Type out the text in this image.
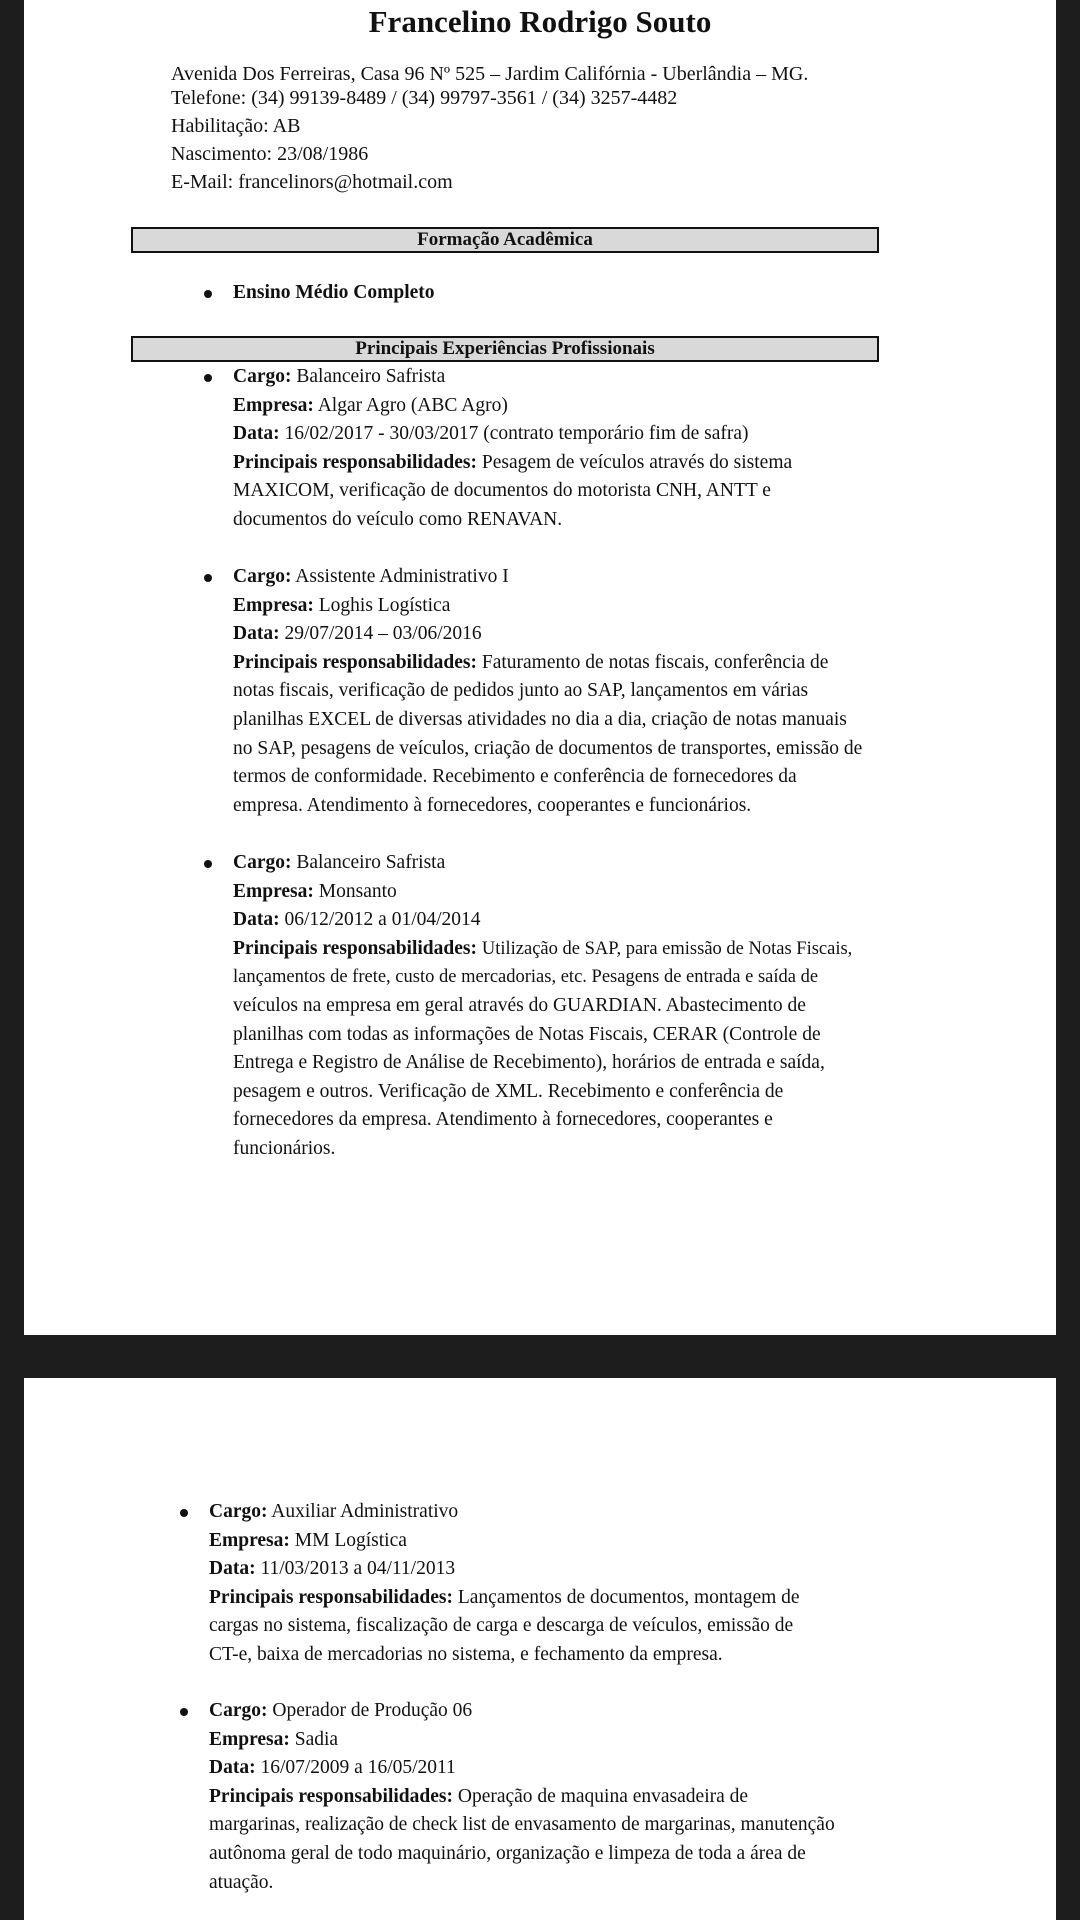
Francelino Rodrigo Souto
Avenida Dos Ferreiras, Casa 96 Nº 525 – Jardim Califórnia - Uberlândia – MG.
Telefone: (34) 99139-8489 / (34) 99797-3561 / (34) 3257-4482
Habilitação: AB
Nascimento: 23/08/1986
E-Mail: francelinors@hotmail.com
Formação Acadêmica
Ensino Médio Completo
Principais Experiências Profissionais
Cargo: Balanceiro Safrista
Empresa: Algar Agro (ABC Agro)
Data: 16/02/2017 - 30/03/2017 (contrato temporário fim de safra)
Principais responsabilidades: Pesagem de veículos através do sistema
MAXICOM, verificação de documentos do motorista CNH, ANTT e
documentos do veículo como RENAVAN.
Cargo: Assistente Administrativo I
Empresa: Loghis Logística
Data: 29/07/2014 – 03/06/2016
Principais responsabilidades: Faturamento de notas fiscais, conferência de
notas fiscais, verificação de pedidos junto ao SAP, lançamentos em várias
planilhas EXCEL de diversas atividades no dia a dia, criação de notas manuais
no SAP, pesagens de veículos, criação de documentos de transportes, emissão de
termos de conformidade. Recebimento e conferência de fornecedores da
empresa. Atendimento à fornecedores, cooperantes e funcionários.
Cargo: Balanceiro Safrista
Empresa: Monsanto
Data: 06/12/2012 a 01/04/2014
Principais responsabilidades: Utilização de SAP, para emissão de Notas Fiscais,
lançamentos de frete, custo de mercadorias, etc. Pesagens de entrada e saída de
veículos na empresa em geral através do GUARDIAN. Abastecimento de
planilhas com todas as informações de Notas Fiscais, CERAR (Controle de
Entrega e Registro de Análise de Recebimento), horários de entrada e saída,
pesagem e outros. Verificação de XML. Recebimento e conferência de
fornecedores da empresa. Atendimento à fornecedores, cooperantes e
funcionários.
Cargo: Auxiliar Administrativo
Empresa: MM Logística
Data: 11/03/2013 a 04/11/2013
Principais responsabilidades: Lançamentos de documentos, montagem de
cargas no sistema, fiscalização de carga e descarga de veículos, emissão de
CT-e, baixa de mercadorias no sistema, e fechamento da empresa.
Cargo: Operador de Produção 06
Empresa: Sadia
Data: 16/07/2009 a 16/05/2011
Principais responsabilidades: Operação de maquina envasadeira de
margarinas, realização de check list de envasamento de margarinas, manutenção
autônoma geral de todo maquinário, organização e limpeza de toda a área de
atuação.
